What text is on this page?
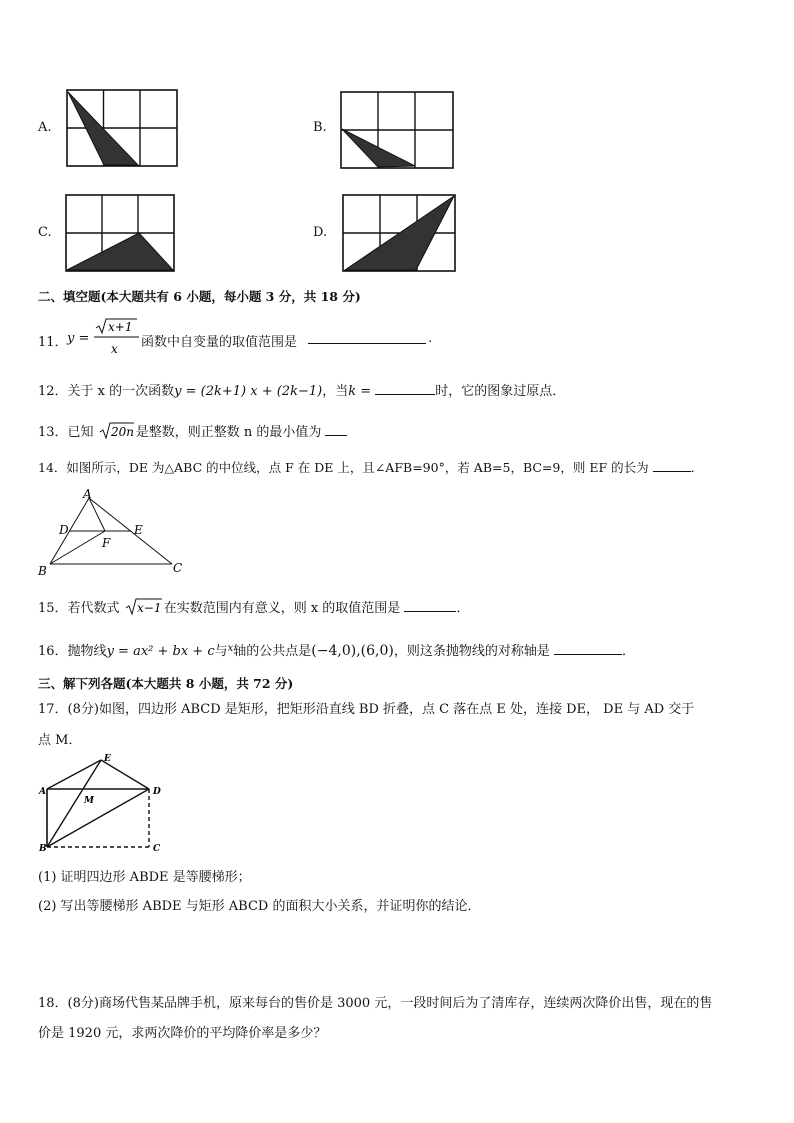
A.	B.
C.	D.
二、填空题(本大题共有 6 小题，每小题 3 分，共 18 分)
11． y =
x+1
x 函数中自变量的取值范围是	.
12．关于 x 的一次函数y = (2k+1) x + (2k−1)，当k =	时，它的图象过原点．
13．已知 20n 是整数，则正整数 n 的最小值为
14．如图所示，DE 为△ABC 的中位线，点 F 在 DE 上，且∠AFB=90°，若 AB=5，BC=9，则 EF 的长为	．
A
D	E
F
B	C
15．若代数式 x−1 在实数范围内有意义，则 x 的取值范围是	．
16．抛物线y = ax² + bx + c与$^x$轴的公共点是(−4,0),(6,0)，则这条抛物线的对称轴是	．
三、解下列各题(本大题共 8 小题，共 72 分)
17．(8分)如图，四边形 ABCD 是矩形，把矩形沿直线 BD 折叠，点 C 落在点 E 处，连接 DE， DE 与 AD 交于
点 M．
A
E
D
M
B	C
(1) 证明四边形 ABDE 是等腰梯形；
(2) 写出等腰梯形 ABDE 与矩形 ABCD 的面积大小关系，并证明你的结论．
18．(8分)商场代售某品牌手机，原来每台的售价是 3000 元，一段时间后为了清库存，连续两次降价出售，现在的售
价是 1920 元，求两次降价的平均降价率是多少？
